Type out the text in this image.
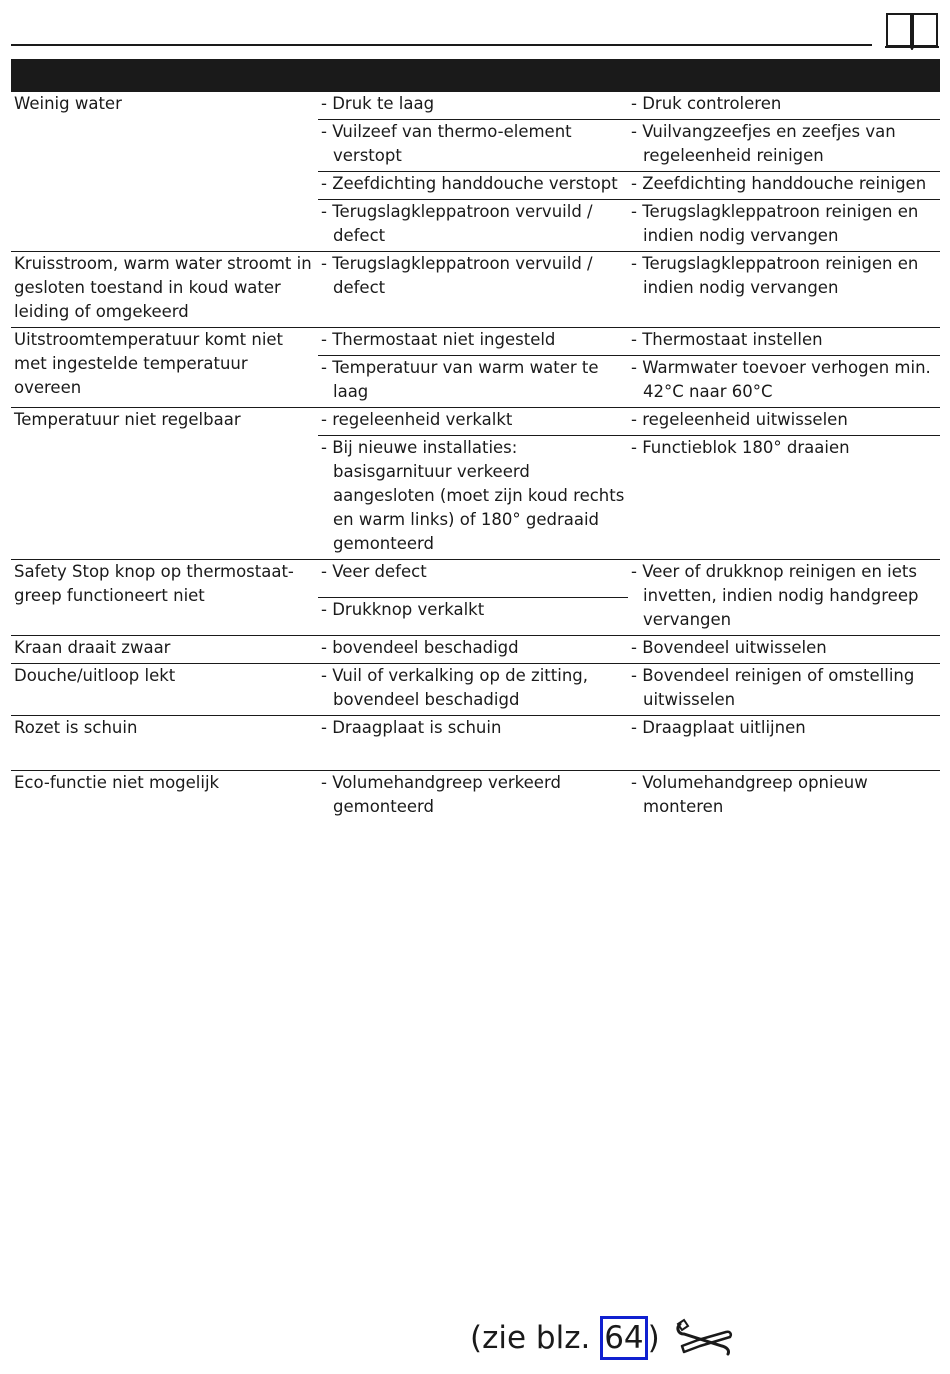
Weinig water	- Druk te laag	- Druk controleren

	- Vuilzeef van thermo-element verstopt	- Vuilvangzeefjes en zeefjes van regeleenheid reinigen

	- Zeefdichting handdouche verstopt	- Zeefdichting handdouche reinigen

	- Terugslagkleppatroon vervuild / defect	- Terugslagkleppatroon reinigen en indien nodig vervangen

Kruisstroom, warm water stroomt in gesloten toestand in koud water leiding of omgekeerd	- Terugslagkleppatroon vervuild / defect	- Terugslagkleppatroon reinigen en indien nodig vervangen

Uitstroomtemperatuur komt niet met ingestelde temperatuur overeen	- Thermostaat niet ingesteld	- Thermostaat instellen

	- Temperatuur van warm water te laag	- Warmwater toevoer verhogen min. 42°C naar 60°C

Temperatuur niet regelbaar	- regeleenheid verkalkt	- regeleenheid uitwisselen

	- Bij nieuwe installaties: basisgarnituur verkeerd aangesloten (moet zijn koud rechts en warm links) of 180° gedraaid gemonteerd	- Functieblok 180° draaien

Safety Stop knop op thermostaat-greep functioneert niet	- Veer defect	- Veer of drukknop reinigen en iets invetten, indien nodig handgreep vervangen

	- Drukknop verkalkt	

Kraan draait zwaar	- bovendeel beschadigd	- Bovendeel uitwisselen

Douche/uitloop lekt	- Vuil of verkalking op de zitting, bovendeel beschadigd	- Bovendeel reinigen of omstelling uitwisselen

Rozet is schuin	- Draagplaat is schuin	- Draagplaat uitlijnen

Eco-functie niet mogelijk	- Volumehandgreep verkeerd gemonteerd	- Volumehandgreep opnieuw monteren
(zie blz. 64 )
